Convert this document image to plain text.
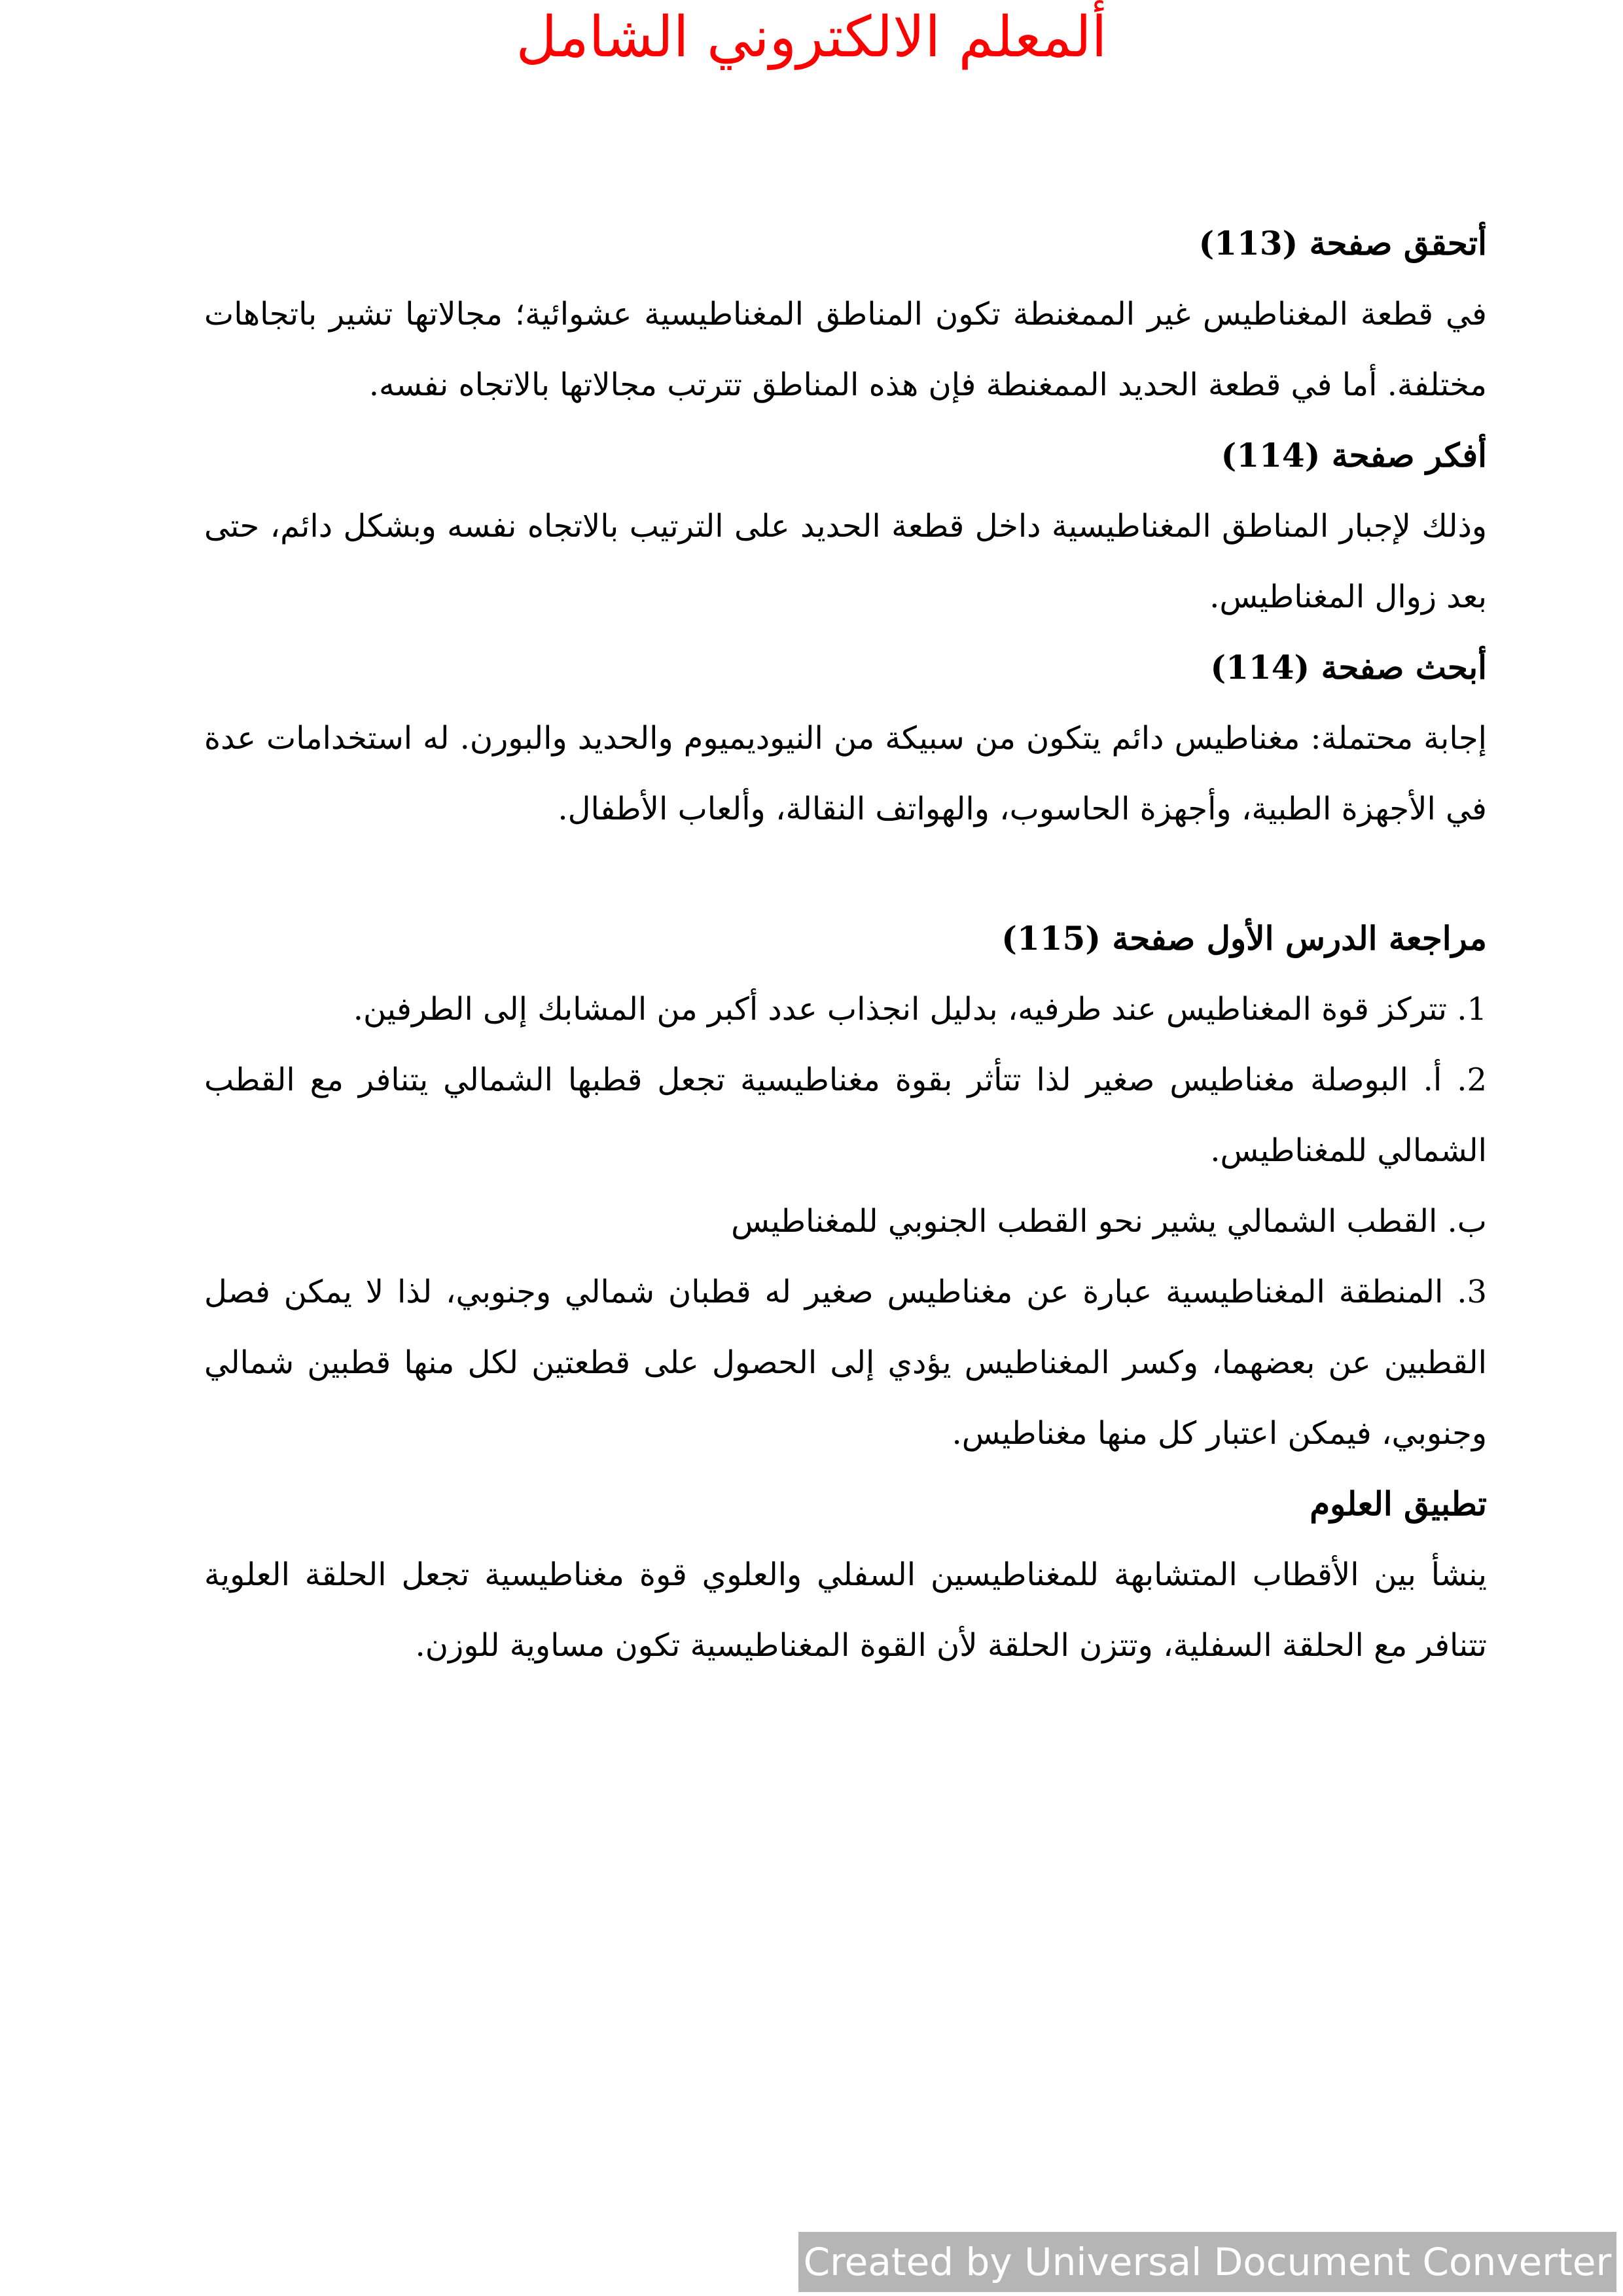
ألمعلم الالكتروني الشامل
أتحقق صفحة (113)

في قطعة المغناطيس غير الممغنطة تكون المناطق المغناطيسية عشوائية؛ مجالاتها تشير باتجاهات مختلفة. أما في قطعة الحديد الممغنطة فإن هذه المناطق تترتب مجالاتها بالاتجاه نفسه.

أفكر صفحة (114)

وذلك لإجبار المناطق المغناطيسية داخل قطعة الحديد على الترتيب بالاتجاه نفسه وبشكل دائم، حتى بعد زوال المغناطيس.

أبحث صفحة (114)

إجابة محتملة: مغناطيس دائم يتكون من سبيكة من النيوديميوم والحديد والبورن. له استخدامات عدة في الأجهزة الطبية، وأجهزة الحاسوب، والهواتف النقالة، وألعاب الأطفال.

مراجعة الدرس الأول صفحة (115)

1. تتركز قوة المغناطيس عند طرفيه، بدليل انجذاب عدد أكبر من المشابك إلى الطرفين.

2. أ. البوصلة مغناطيس صغير لذا تتأثر بقوة مغناطيسية تجعل قطبها الشمالي يتنافر مع القطب الشمالي للمغناطيس.

ب. القطب الشمالي يشير نحو القطب الجنوبي للمغناطيس

3. المنطقة المغناطيسية عبارة عن مغناطيس صغير له قطبان شمالي وجنوبي، لذا لا يمكن فصل القطبين عن بعضهما، وكسر المغناطيس يؤدي إلى الحصول على قطعتين لكل منها قطبين شمالي وجنوبي، فيمكن اعتبار كل منها مغناطيس.

تطبيق العلوم

ينشأ بين الأقطاب المتشابهة للمغناطيسين السفلي والعلوي قوة مغناطيسية تجعل الحلقة العلوية تتنافر مع الحلقة السفلية، وتتزن الحلقة لأن القوة المغناطيسية تكون مساوية للوزن.

Created by Universal Document Converter
